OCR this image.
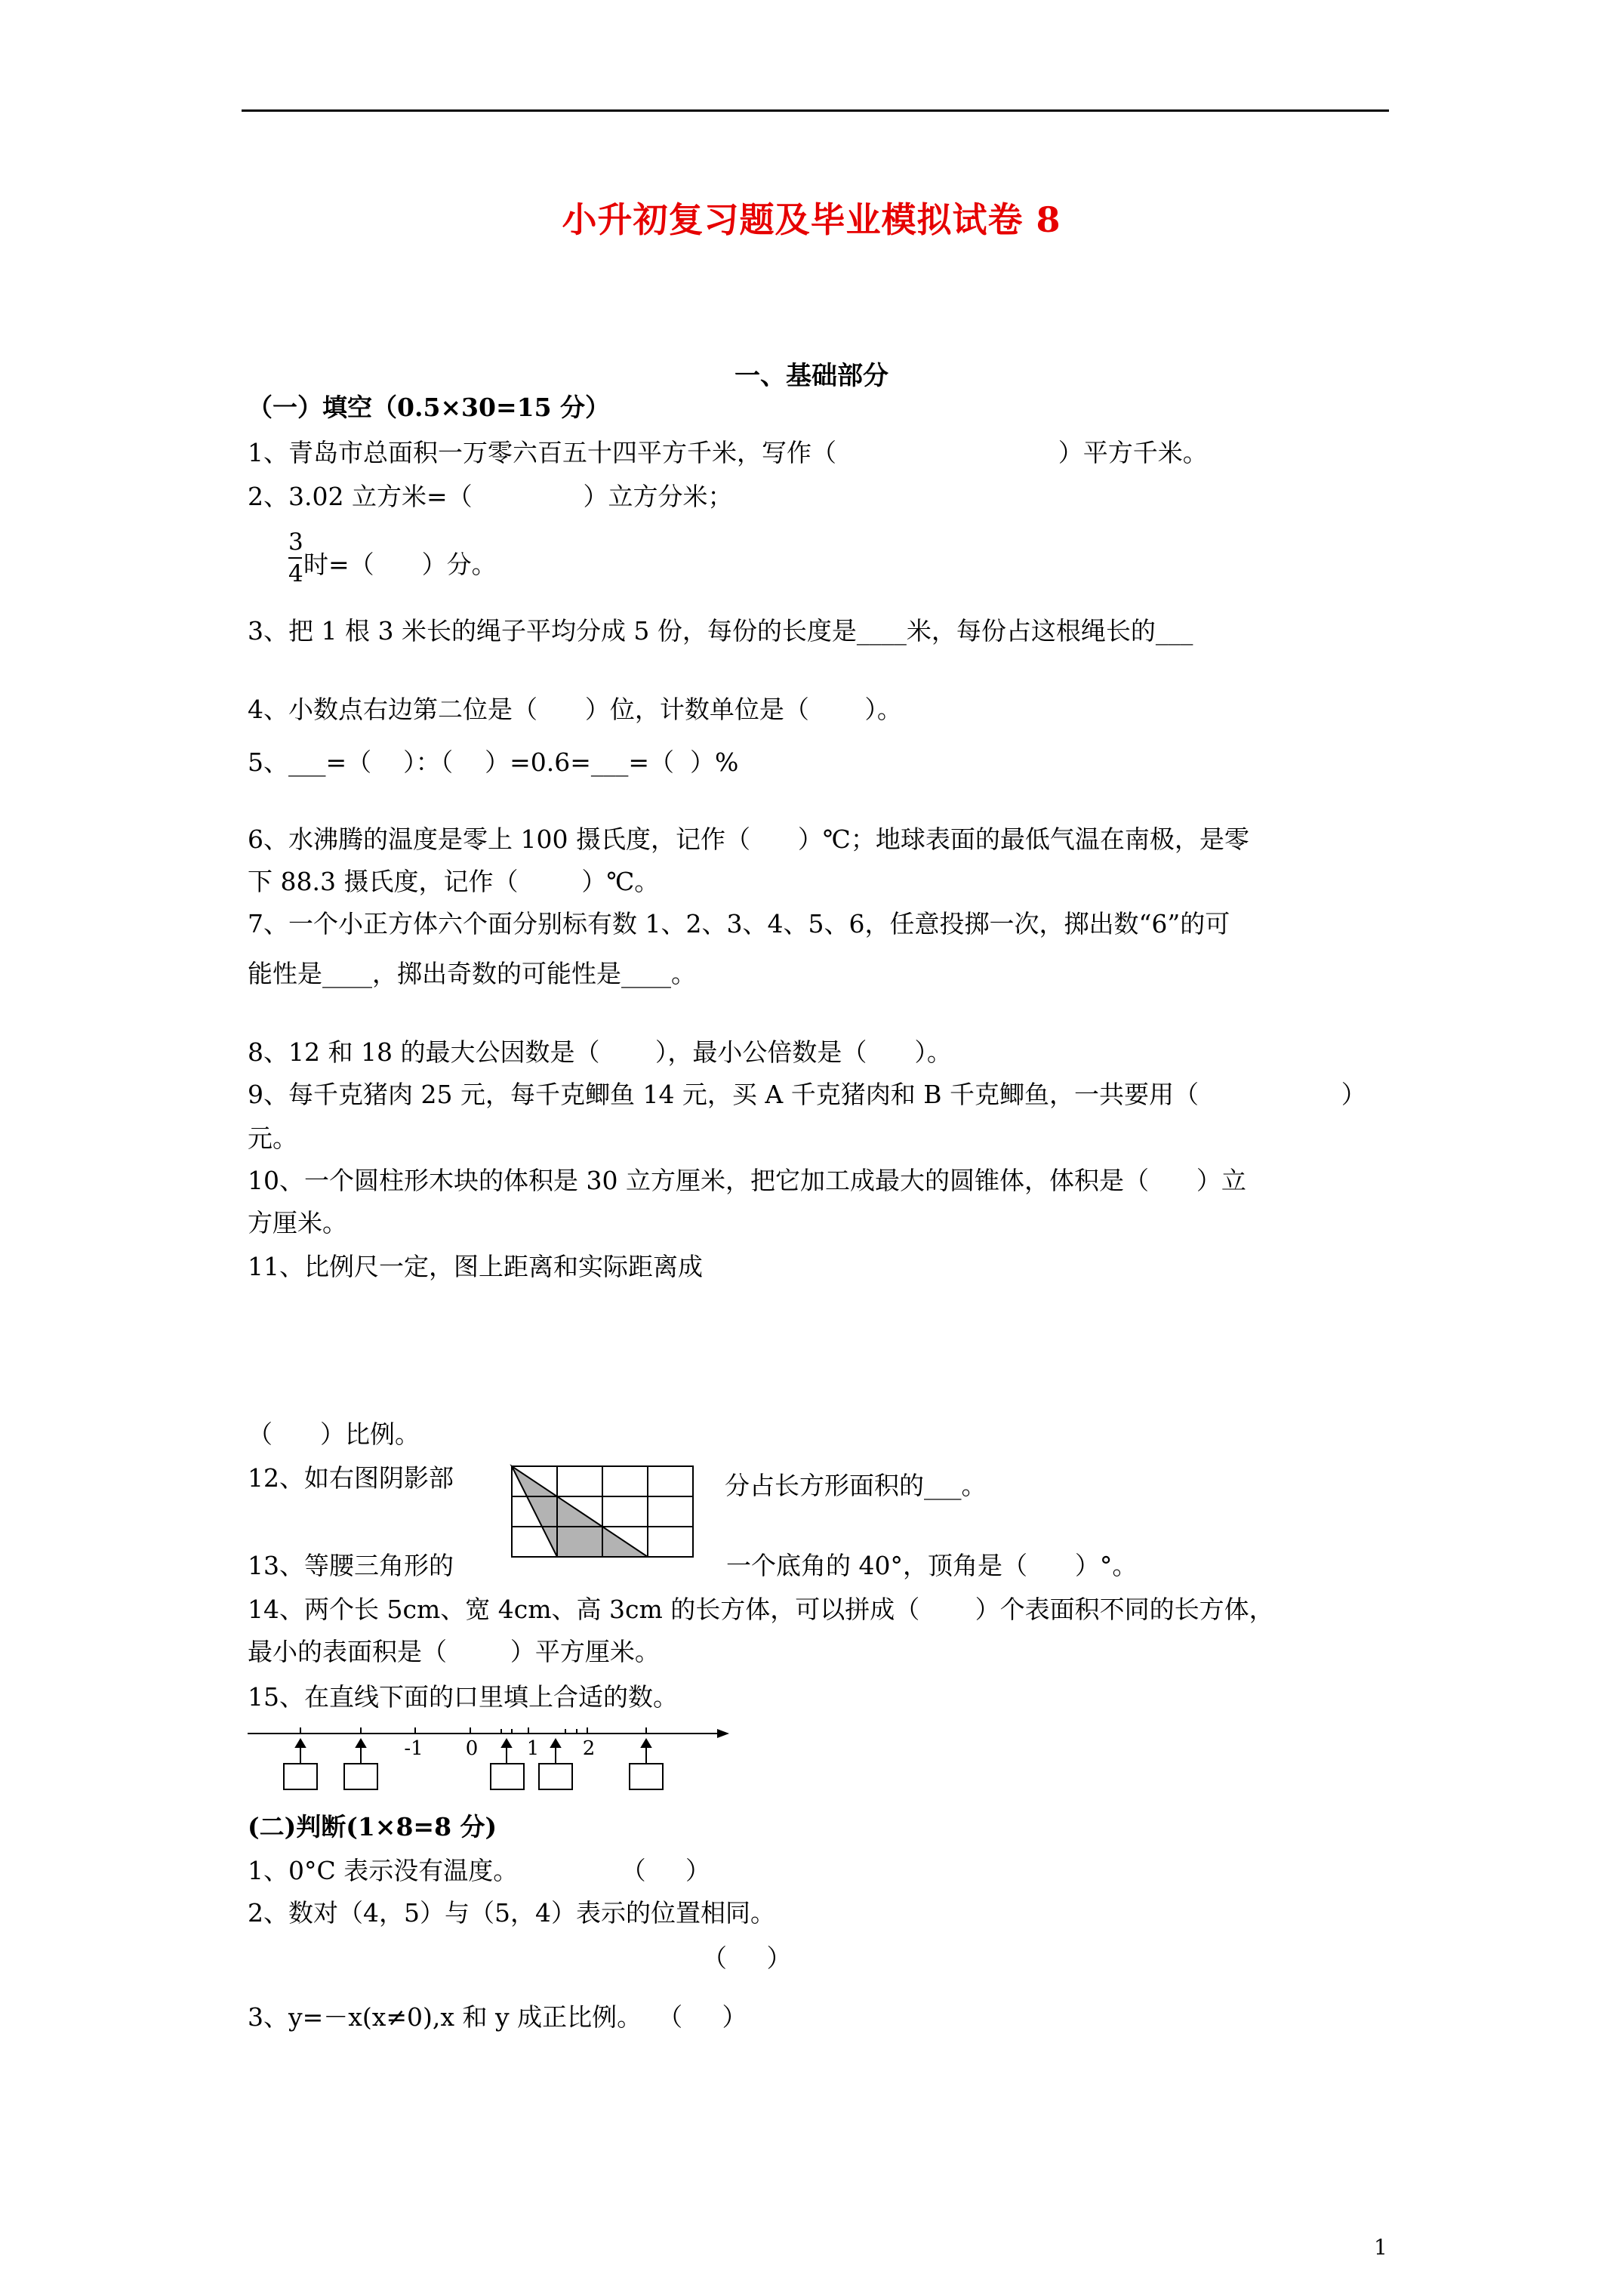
小升初复习题及毕业模拟试卷 8
一、基础部分
（一）填空（0.5×30=15 分）
1、青岛市总面积一万零六百五十四平方千米，写作（                            ）平方千米。
2、3.02 立方米=（              ）立方分米；
3
4 时=（      ）分。
3、把 1 根 3 米长的绳子平均分成 5 份，每份的长度是____米，每份占这根绳长的___
4、小数点右边第二位是（      ）位，计数单位是（       ）。
5、___=（    ）：（    ）=0.6=___=（  ）%
6、水沸腾的温度是零上 100 摄氏度，记作（      ）℃；地球表面的最低气温在南极，是零
下 88.3 摄氏度，记作（        ）℃。
7、一个小正方体六个面分别标有数 1、2、3、4、5、6，任意投掷一次，掷出数“6”的可
能性是____，掷出奇数的可能性是____。
8、12 和 18 的最大公因数是（       ），最小公倍数是（      ）。
9、每千克猪肉 25 元，每千克鲫鱼 14 元，买 A 千克猪肉和 B 千克鲫鱼，一共要用（                  ）
元。
10、一个圆柱形木块的体积是 30 立方厘米，把它加工成最大的圆锥体，体积是（      ）立
方厘米。
11、比例尺一定，图上距离和实际距离成
（      ）比例。
12、如右图阴影部	分占长方形面积的___。
13、等腰三角形的	一个底角的 40°，顶角是（      ）°。
14、两个长 5cm、宽 4cm、高 3cm 的长方体，可以拼成（       ）个表面积不同的长方体，
最小的表面积是（        ）平方厘米。
15、在直线下面的口里填上合适的数。
-1 0 1 2
(二)判断(1×8=8 分)
1、0°C 表示没有温度。             （     ）
2、数对（4，5）与（5，4）表示的位置相同。
（     ）
3、y=－x(x≠0),x 和 y 成正比例。  （     ）
1
